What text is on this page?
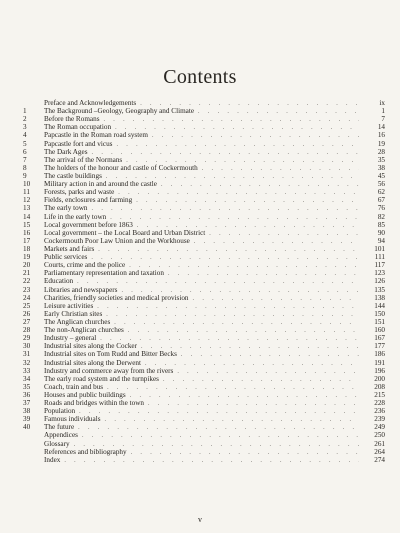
Contents
Preface and Acknowledgements . . .	ix
1	The Background –Geology, Geography and Climate . . .	1
2	Before the Romans . . .	7
3	The Roman occupation . . .	14
4	Papcastle in the Roman road system . . .	16
5	Papcastle fort and vicus . . .	19
6	The Dark Ages . . .	28
7	The arrival of the Normans . . .	35
8	The holders of the honour and castle of Cockermouth . . .	38
9	The castle buildings . . .	45
10	Military action in and around the castle . . .	56
11	Forests, parks and waste . . .	62
12	Fields, enclosures and farming . . .	67
13	The early town . . .	76
14	Life in the early town . . .	82
15	Local government before 1863 . . .	85
16	Local government – the Local Board and Urban District . . .	90
17	Cockermouth Poor Law Union and the Workhouse . . .	94
18	Markets and fairs . . .	101
19	Public services . . .	111
20	Courts, crime and the police . . .	117
21	Parliamentary representation and taxation . . .	123
22	Education . . .	126
23	Libraries and newspapers . . .	135
24	Charities, friendly societies and medical provision . . .	138
25	Leisure activities . . .	144
26	Early Christian sites . . .	150
27	The Anglican churches . . .	151
28	The non-Anglican churches . . .	160
29	Industry – general . . .	167
30	Industrial sites along the Cocker . . .	177
31	Industrial sites on Tom Rudd and Bitter Becks . . .	186
32	Industrial sites along the Derwent . . .	191
33	Industry and commerce away from the rivers . . .	196
34	The early road system and the turnpikes . . .	200
35	Coach, train and bus . . .	208
36	Houses and public buildings . . .	215
37	Roads and bridges within the town . . .	228
38	Population . . .	236
39	Famous individuals . . .	239
40	The future . . .	249
Appendices . . .	250
Glossary . . .	261
References and bibliography . . .	264
Index . . .	274

v
